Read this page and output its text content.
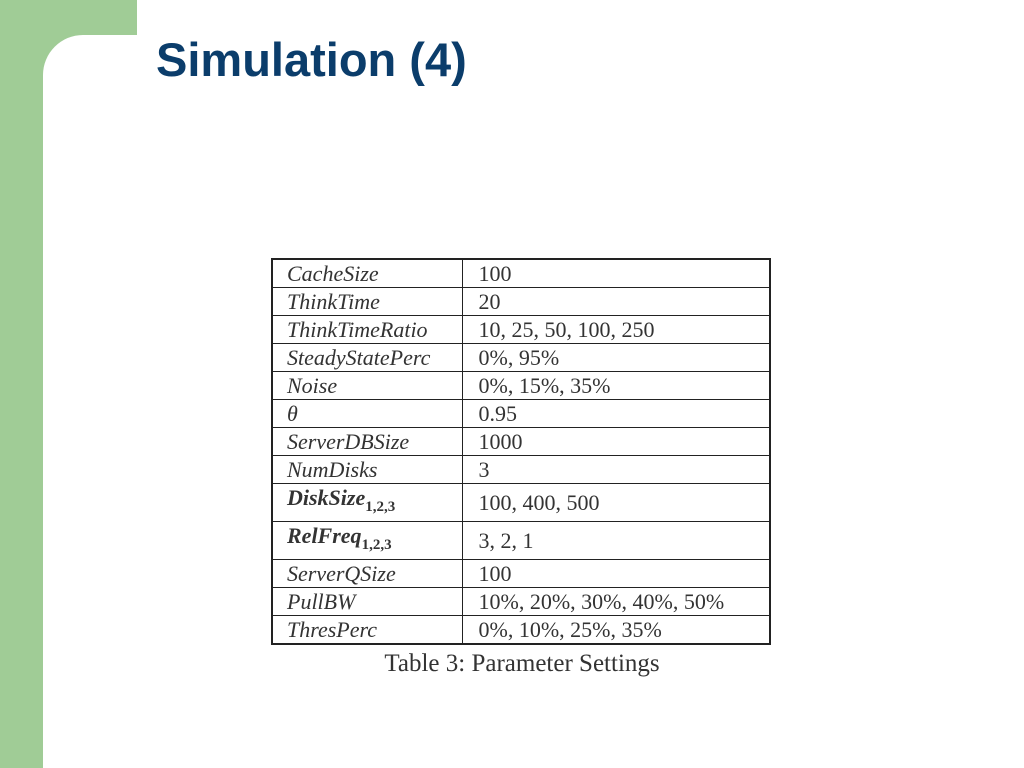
Simulation (4)
CacheSize	100
ThinkTime	20
ThinkTimeRatio	10, 25, 50, 100, 250
SteadyStatePerc	0%, 95%
Noise	0%, 15%, 35%
θ	0.95
ServerDBSize	1000
NumDisks	3
DiskSize$_{1,2,3}$	100, 400, 500
RelFreq$_{1,2,3}$	3, 2, 1
ServerQSize	100
PullBW	10%, 20%, 30%, 40%, 50%
ThresPerc	0%, 10%, 25%, 35%

Table 3: Parameter Settings
